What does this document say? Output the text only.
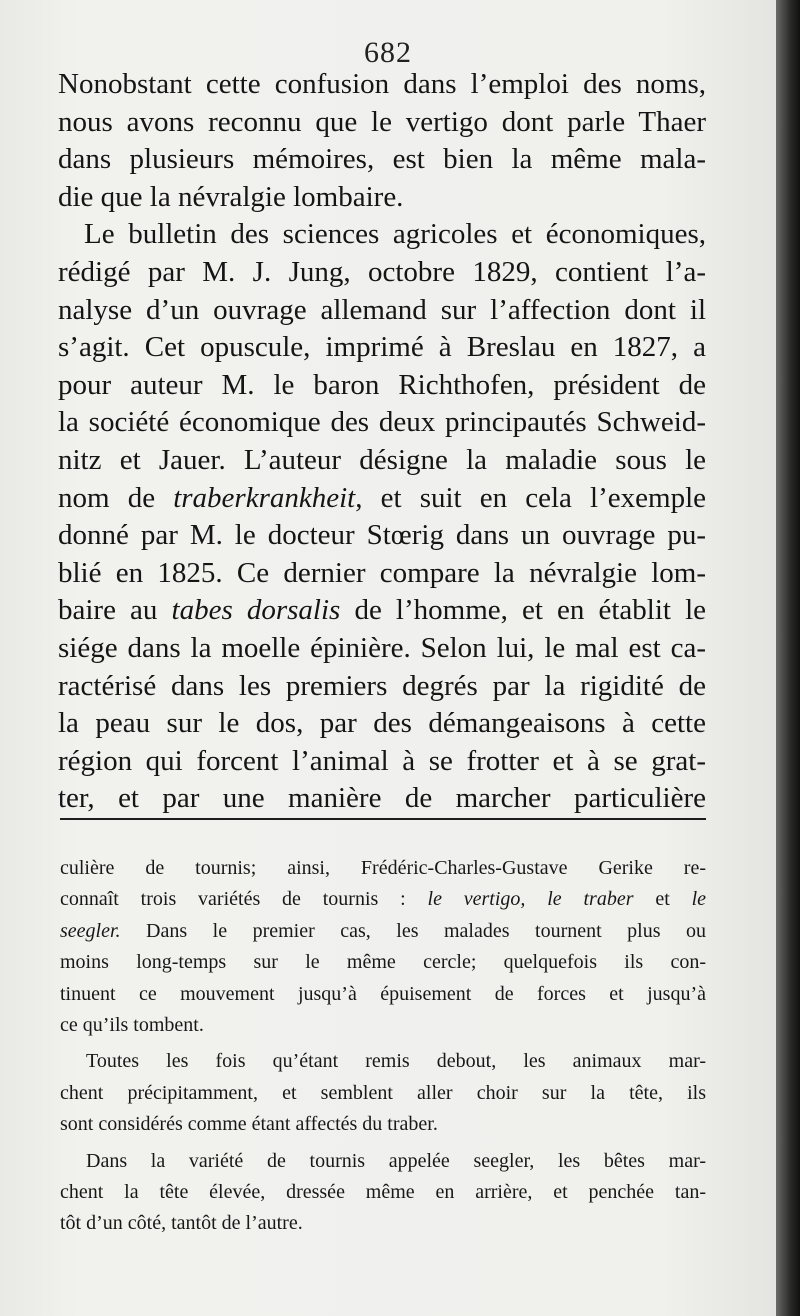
682
Nonobstant cette confusion dans l’emploi des noms,
nous avons reconnu que le vertigo dont parle Thaer
dans plusieurs mémoires, est bien la même mala-
die que la névralgie lombaire.
Le bulletin des sciences agricoles et économiques,
rédigé par M. J. Jung, octobre 1829, contient l’a-
nalyse d’un ouvrage allemand sur l’affection dont il
s’agit. Cet opuscule, imprimé à Breslau en 1827, a
pour auteur M. le baron Richthofen, président de
la société économique des deux principautés Schweid-
nitz et Jauer. L’auteur désigne la maladie sous le
nom de traberkrankheit, et suit en cela l’exemple
donné par M. le docteur Stœrig dans un ouvrage pu-
blié en 1825. Ce dernier compare la névralgie lom-
baire au tabes dorsalis de l’homme, et en établit le
siége dans la moelle épinière. Selon lui, le mal est ca-
ractérisé dans les premiers degrés par la rigidité de
la peau sur le dos, par des démangeaisons à cette
région qui forcent l’animal à se frotter et à se grat-
ter, et par une manière de marcher particulière
culière de tournis; ainsi, Frédéric-Charles-Gustave Gerike re-
connaît trois variétés de tournis : le vertigo, le traber et le
seegler. Dans le premier cas, les malades tournent plus ou
moins long-temps sur le même cercle; quelquefois ils con-
tinuent ce mouvement jusqu’à épuisement de forces et jusqu’à
ce qu’ils tombent.
Toutes les fois qu’étant remis debout, les animaux mar-
chent précipitamment, et semblent aller choir sur la tête, ils
sont considérés comme étant affectés du traber.
Dans la variété de tournis appelée seegler, les bêtes mar-
chent la tête élevée, dressée même en arrière, et penchée tan-
tôt d’un côté, tantôt de l’autre.
